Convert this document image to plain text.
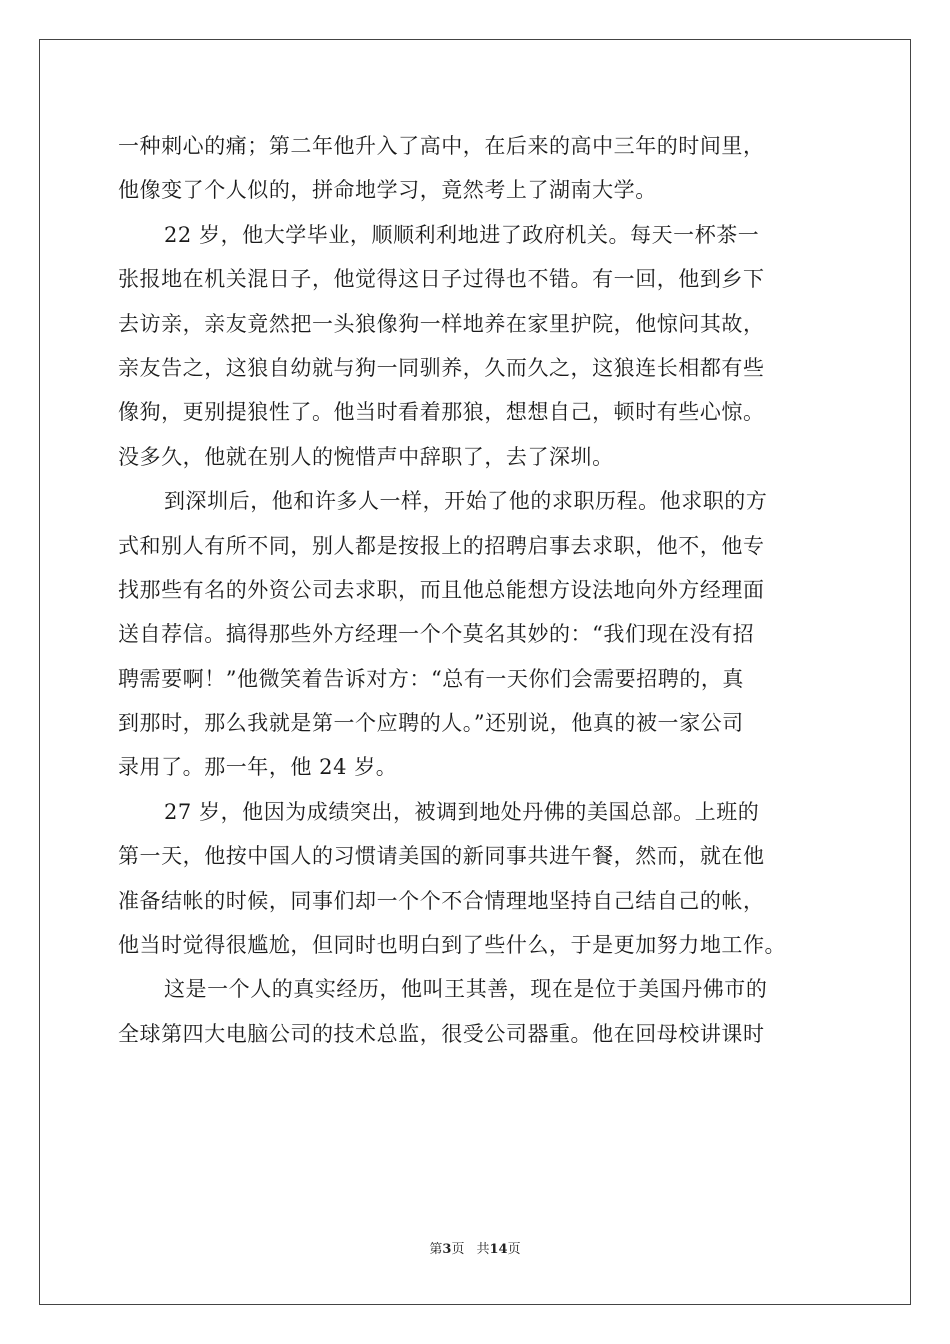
一种刺心的痛；第二年他升入了高中，在后来的高中三年的时间里，
他像变了个人似的，拼命地学习，竟然考上了湖南大学。
22 岁，他大学毕业，顺顺利利地进了政府机关。每天一杯茶一
张报地在机关混日子，他觉得这日子过得也不错。有一回，他到乡下
去访亲，亲友竟然把一头狼像狗一样地养在家里护院，他惊问其故，
亲友告之，这狼自幼就与狗一同驯养，久而久之，这狼连长相都有些
像狗，更别提狼性了。他当时看着那狼，想想自己，顿时有些心惊。
没多久，他就在别人的惋惜声中辞职了，去了深圳。
到深圳后，他和许多人一样，开始了他的求职历程。他求职的方
式和别人有所不同，别人都是按报上的招聘启事去求职，他不，他专
找那些有名的外资公司去求职，而且他总能想方设法地向外方经理面
送自荐信。搞得那些外方经理一个个莫名其妙的：“我们现在没有招
聘需要啊！”他微笑着告诉对方：“总有一天你们会需要招聘的，真
到那时，那么我就是第一个应聘的人。”还别说，他真的被一家公司
录用了。那一年，他 24 岁。
27 岁，他因为成绩突出，被调到地处丹佛的美国总部。上班的
第一天，他按中国人的习惯请美国的新同事共进午餐，然而，就在他
准备结帐的时候，同事们却一个个不合情理地坚持自己结自己的帐，
他当时觉得很尴尬，但同时也明白到了些什么，于是更加努力地工作。
这是一个人的真实经历，他叫王其善，现在是位于美国丹佛市的
全球第四大电脑公司的技术总监，很受公司器重。他在回母校讲课时
第3页 共14页
